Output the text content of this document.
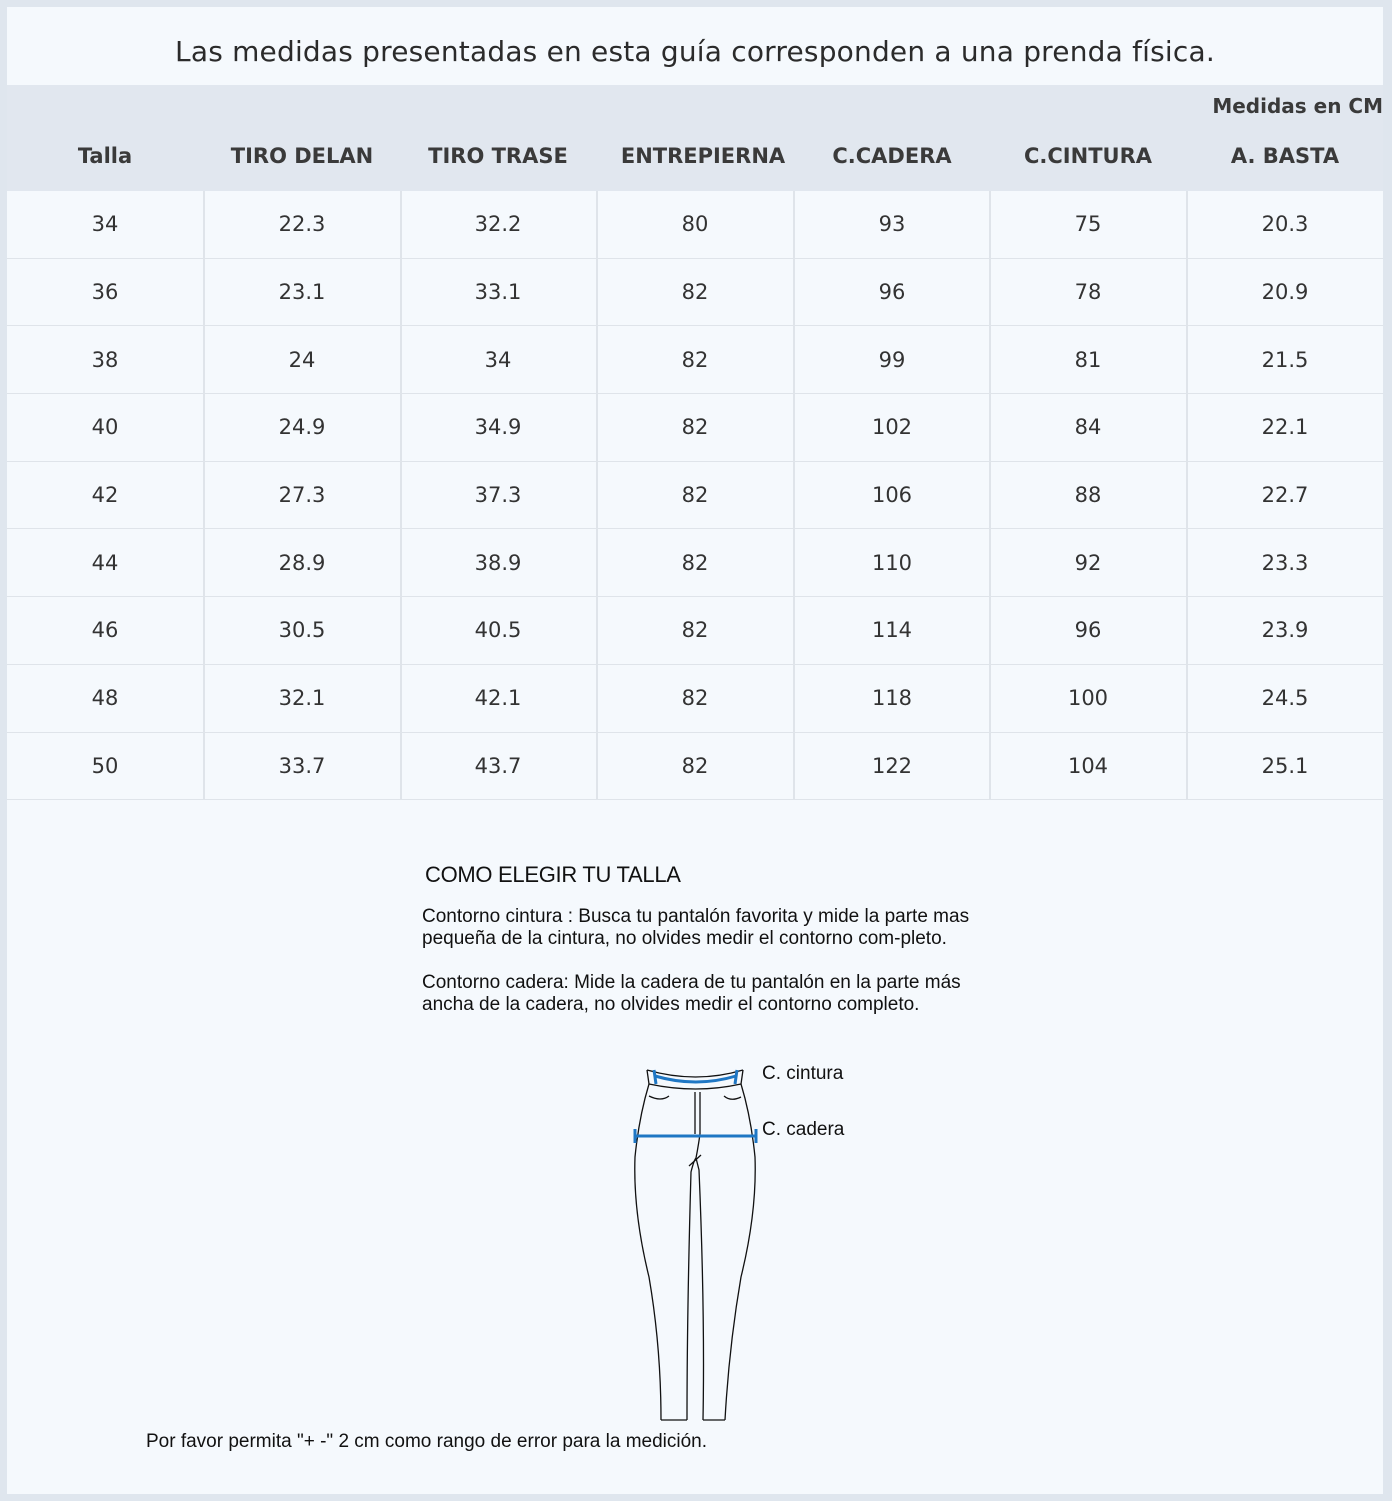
Las medidas presentadas en esta guía corresponden a una prenda física.
Medidas en CM
Talla	TIRO DELAN	TIRO TRASE	ENTREPIERNA	C.CADERA	C.CINTURA	A. BASTA
34	22.3	32.2	80	93	75	20.3
36	23.1	33.1	82	96	78	20.9
38	24	34	82	99	81	21.5
40	24.9	34.9	82	102	84	22.1
42	27.3	37.3	82	106	88	22.7
44	28.9	38.9	82	110	92	23.3
46	30.5	40.5	82	114	96	23.9
48	32.1	42.1	82	118	100	24.5
50	33.7	43.7	82	122	104	25.1
COMO ELEGIR TU TALLA
Contorno cintura : Busca tu pantalón favorita y mide la parte mas pequeña de la cintura, no olvides medir el contorno com-pleto.
Contorno cadera: Mide la cadera de tu pantalón en la parte más ancha de la cadera, no olvides medir el contorno completo.
C. cintura
C. cadera
Por favor permita "+ -" 2 cm como rango de error para la medición.
